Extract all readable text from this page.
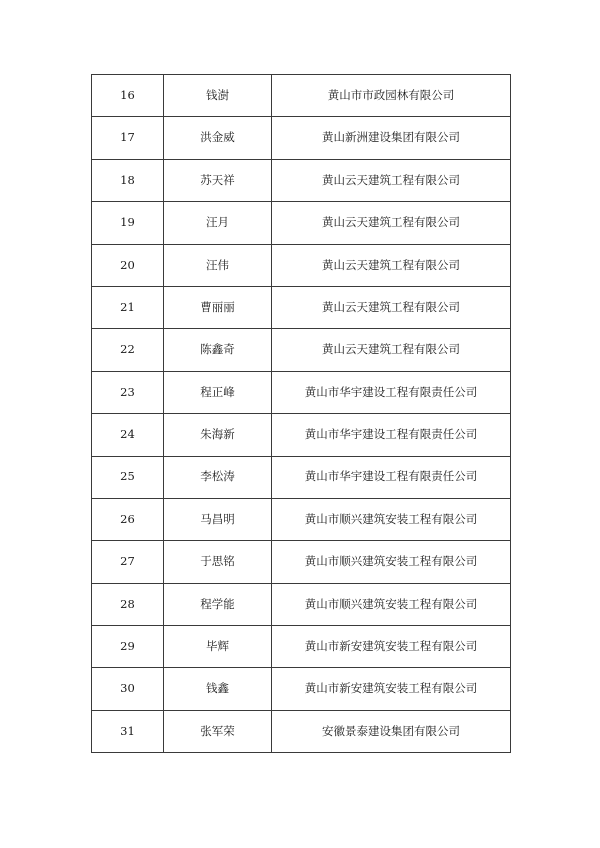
16	钱澍	黄山市市政园林有限公司
17	洪金威	黄山新洲建设集团有限公司
18	苏天祥	黄山云天建筑工程有限公司
19	汪月	黄山云天建筑工程有限公司
20	汪伟	黄山云天建筑工程有限公司
21	曹丽丽	黄山云天建筑工程有限公司
22	陈鑫奇	黄山云天建筑工程有限公司
23	程正峰	黄山市华宇建设工程有限责任公司
24	朱海新	黄山市华宇建设工程有限责任公司
25	李松涛	黄山市华宇建设工程有限责任公司
26	马昌明	黄山市顺兴建筑安装工程有限公司
27	于思铭	黄山市顺兴建筑安装工程有限公司
28	程学能	黄山市顺兴建筑安装工程有限公司
29	毕辉	黄山市新安建筑安装工程有限公司
30	钱鑫	黄山市新安建筑安装工程有限公司
31	张军荣	安徽景泰建设集团有限公司
